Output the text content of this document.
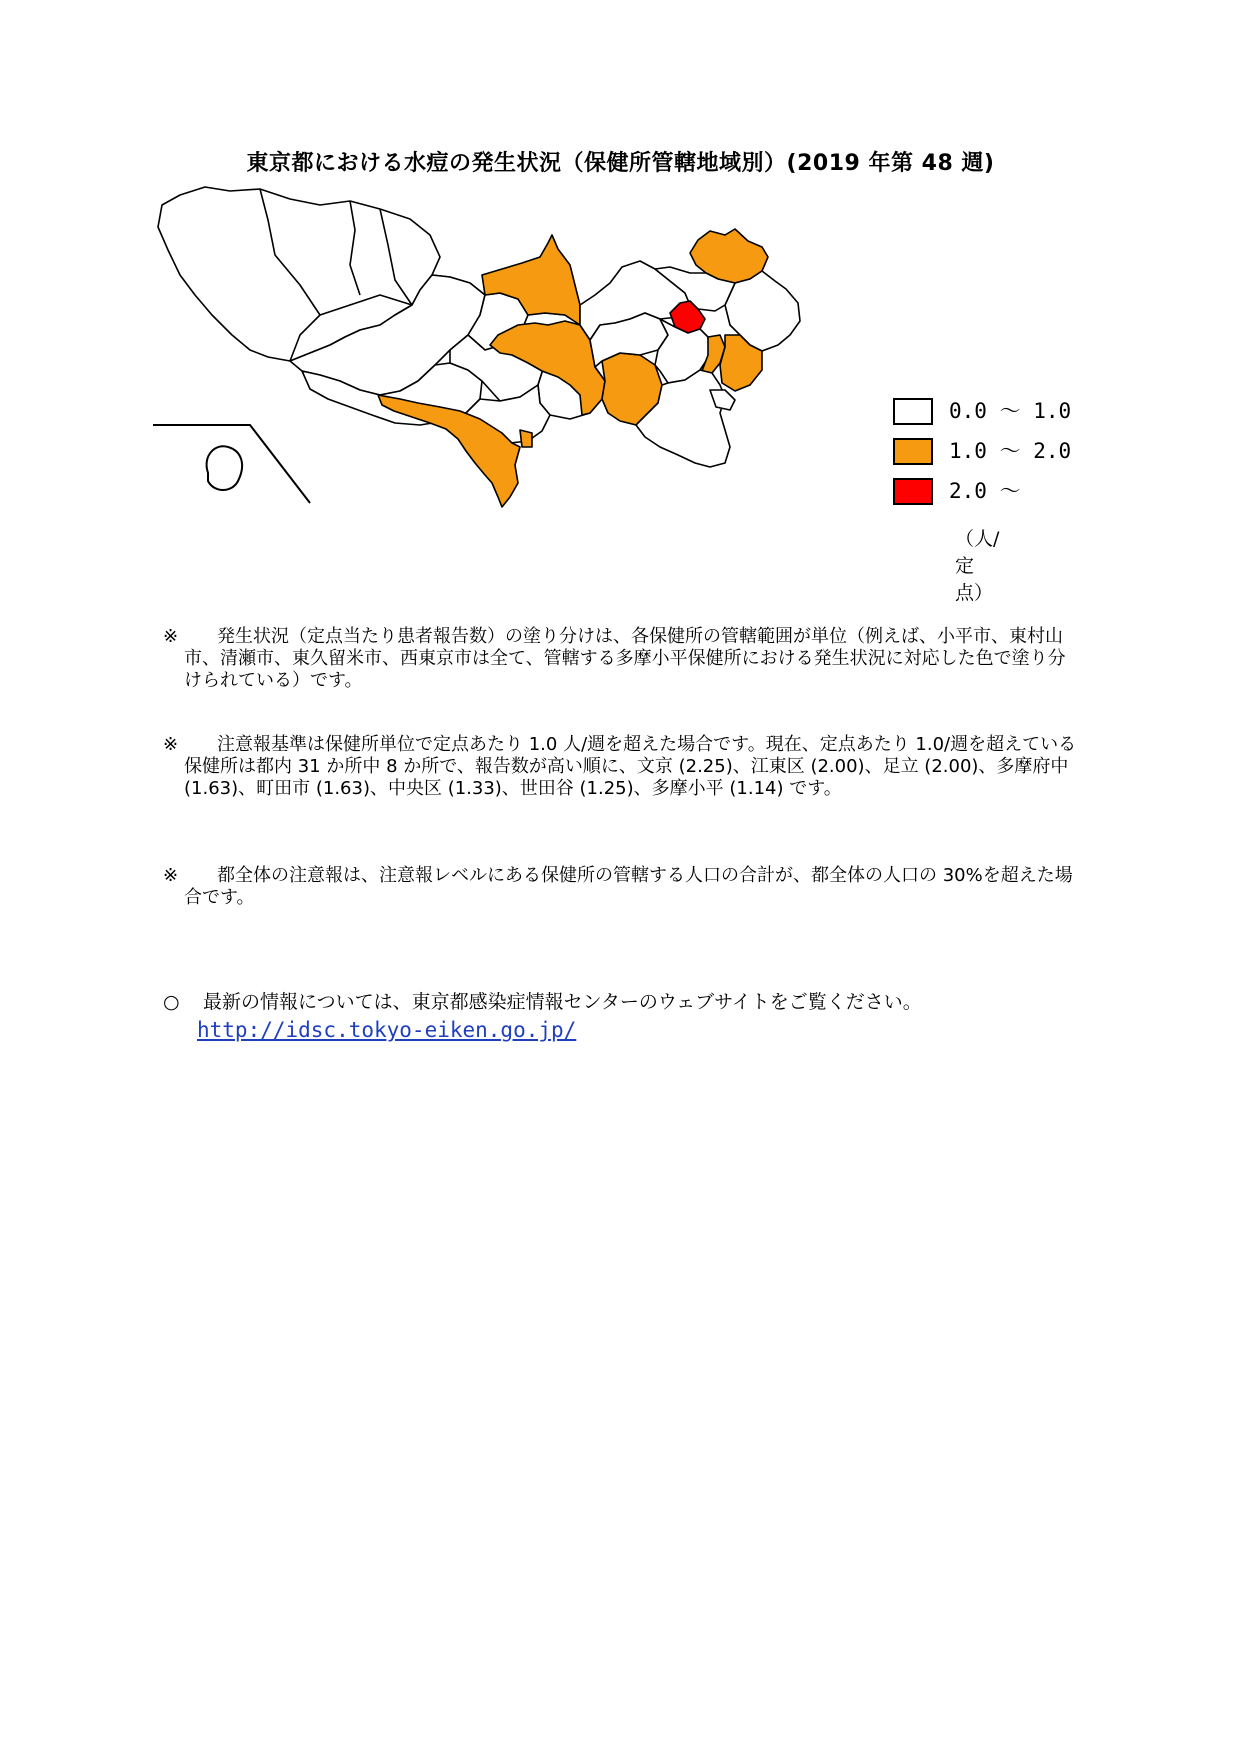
東京都における水痘の発生状況（保健所管轄地域別）(2019 年第 48 週)
0.0 ～ 1.0
1.0 ～ 2.0
2.0 ～
（人/定点）
※	発生状況（定点当たり患者報告数）の塗り分けは、各保健所の管轄範囲が単位（例えば、小平市、東村山市、清瀬市、東久留米市、西東京市は全て、管轄する多摩小平保健所における発生状況に対応した色で塗り分けられている）です。
※	注意報基準は保健所単位で定点あたり 1.0 人/週を超えた場合です。現在、定点あたり 1.0/週を超えている保健所は都内 31 か所中 8 か所で、報告数が高い順に、文京 (2.25)、江東区 (2.00)、足立 (2.00)、多摩府中 (1.63)、町田市 (1.63)、中央区 (1.33)、世田谷 (1.25)、多摩小平 (1.14) です。
※	都全体の注意報は、注意報レベルにある保健所の管轄する人口の合計が、都全体の人口の 30%を超えた場合です。
○	最新の情報については、東京都感染症情報センターのウェブサイトをご覧ください。
http://idsc.tokyo-eiken.go.jp/
